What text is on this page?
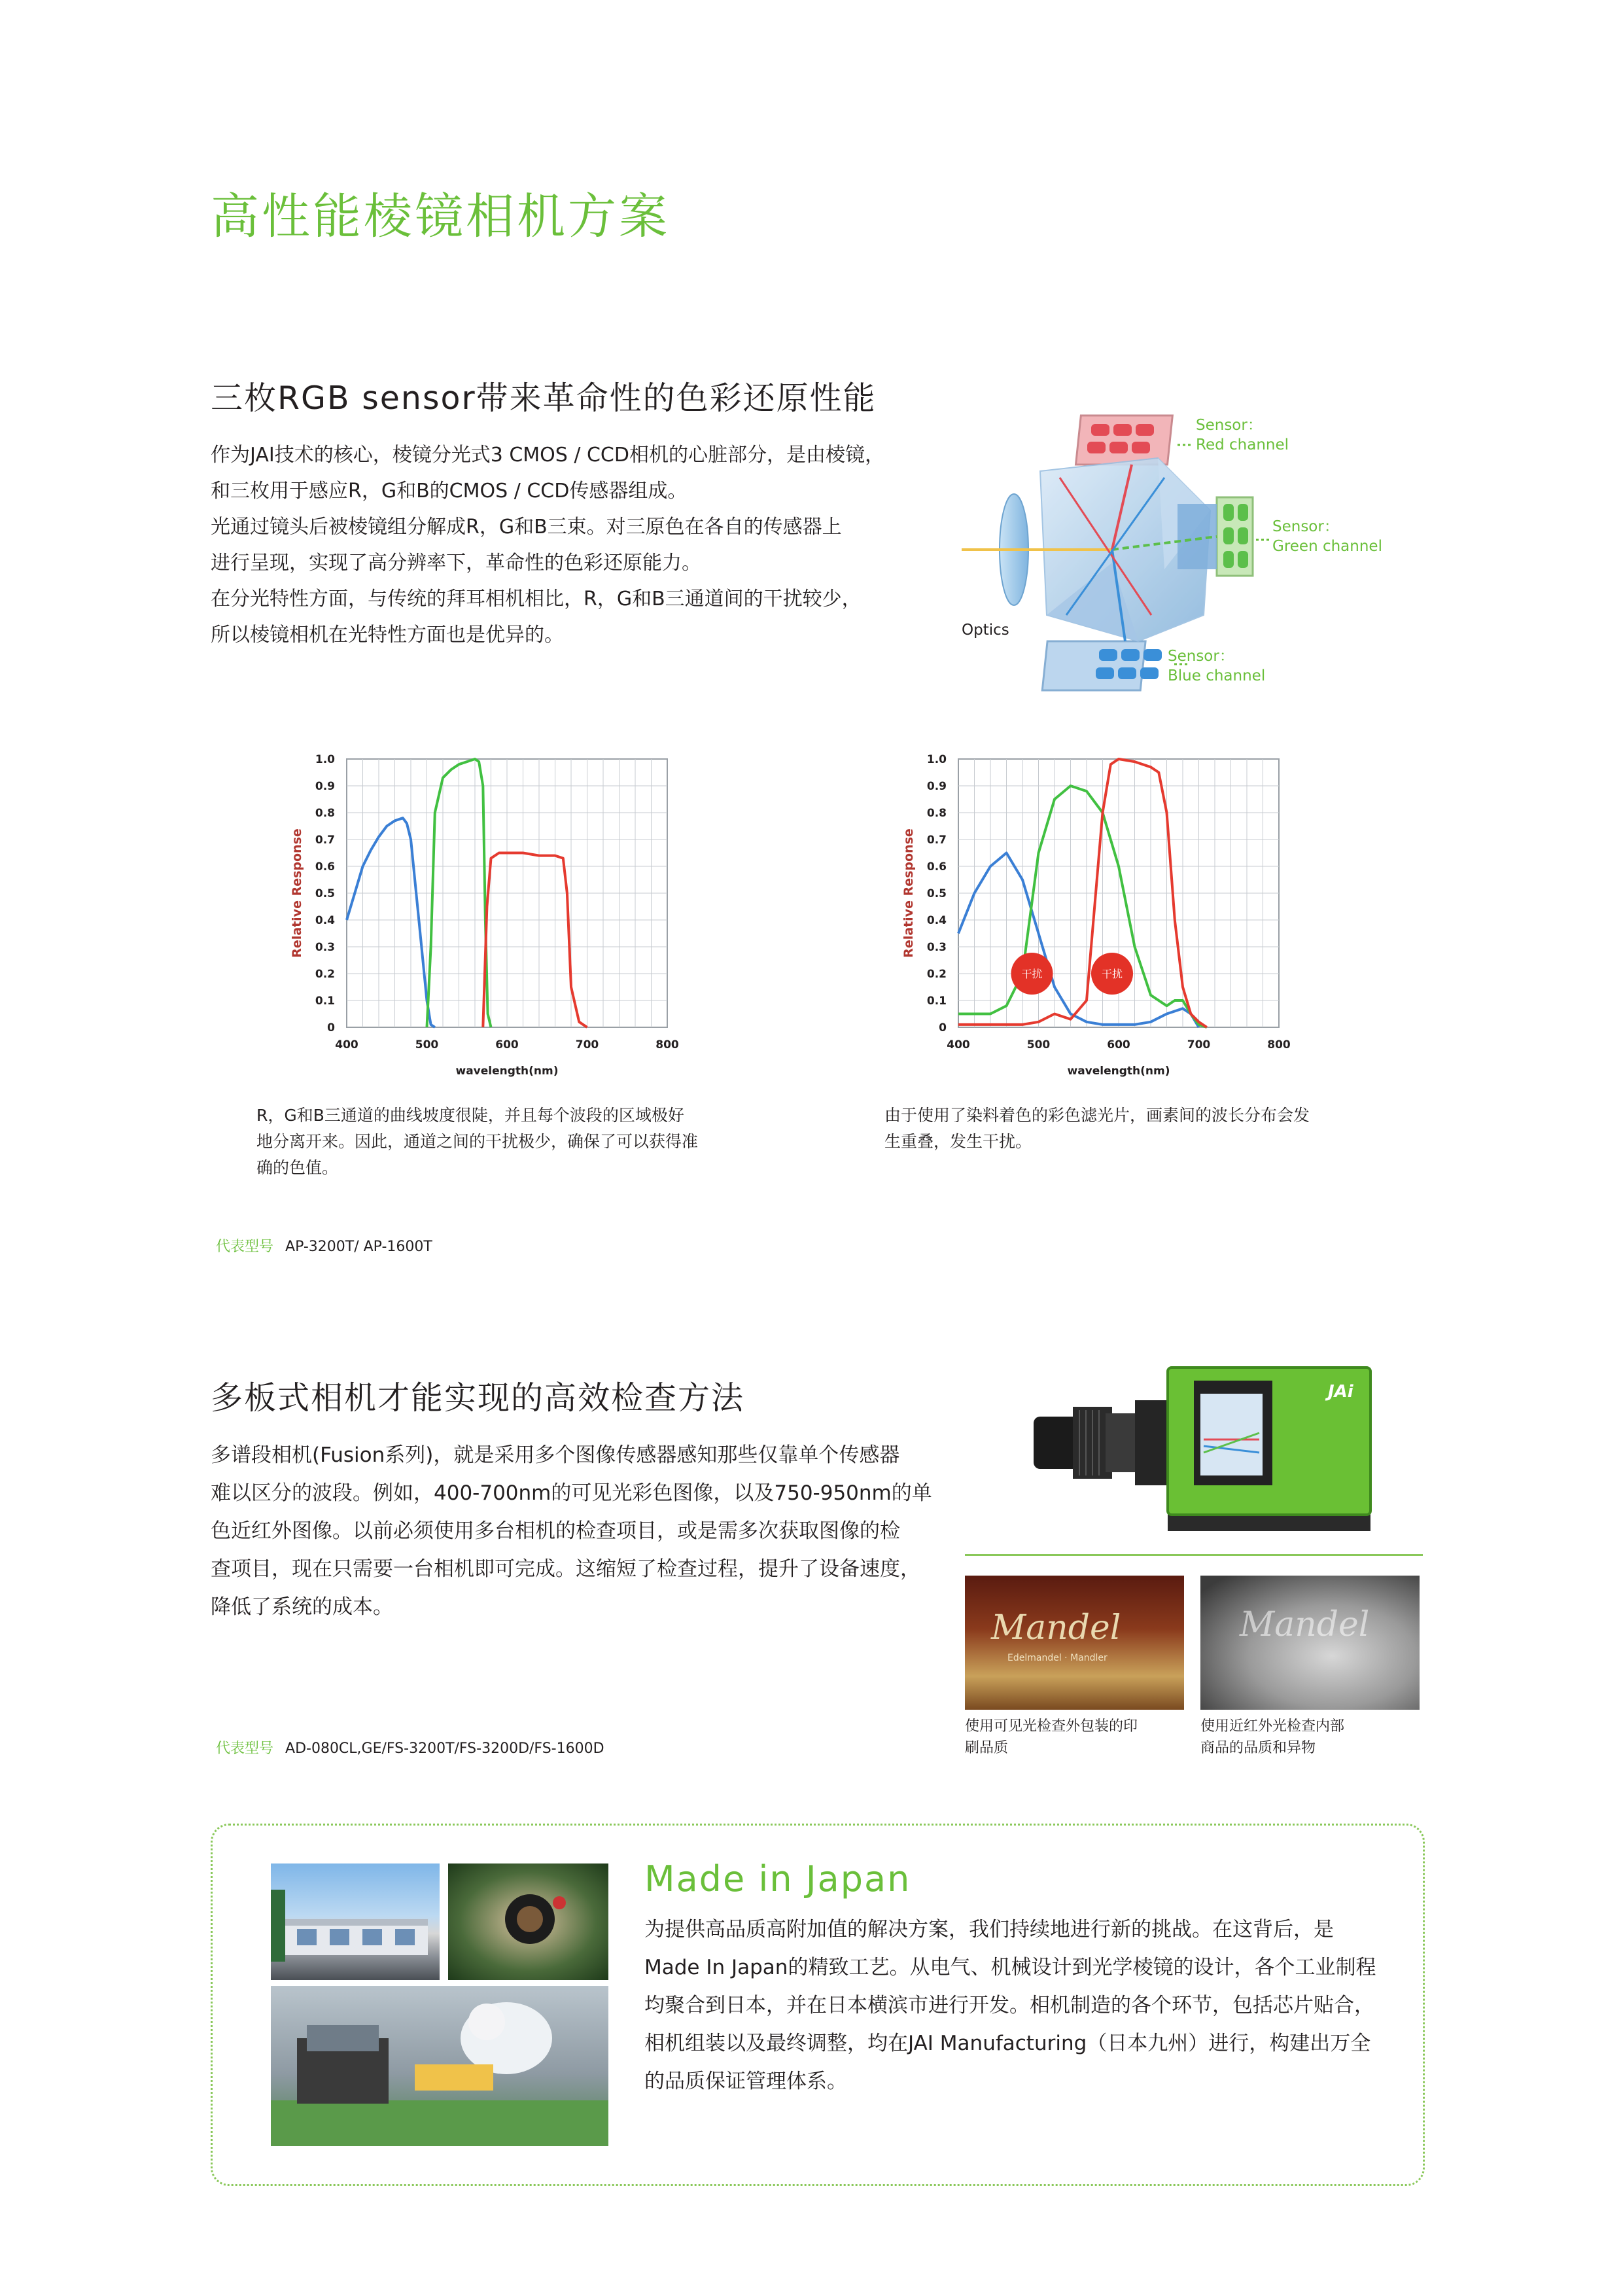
高性能棱镜相机方案
三枚RGB sensor带来革命性的色彩还原性能
作为JAI技术的核心，棱镜分光式3 CMOS / CCD相机的心脏部分，是由棱镜，
和三枚用于感应R，G和B的CMOS / CCD传感器组成。
光通过镜头后被棱镜组分解成R，G和B三束。对三原色在各自的传感器上
进行呈现，实现了高分辨率下，革命性的色彩还原能力。
在分光特性方面，与传统的拜耳相机相比，R，G和B三通道间的干扰较少，
所以棱镜相机在光特性方面也是优异的。
Sensor：
Red channel
Sensor：
Green channel
Sensor：
Blue channel
Optics
0
0.1
0.2
0.3
0.4
0.5
0.6
0.7
0.8
0.9
1.0
400	500	600	700	800
wavelength(nm)
Relative Response
0
0.1
0.2
0.3
0.4
0.5
0.6
0.7
0.8
0.9
1.0
400	500	600	700	800
wavelength(nm)
Relative Response
干扰	干扰
R，G和B三通道的曲线坡度很陡，并且每个波段的区域极好
地分离开来。因此，通道之间的干扰极少，确保了可以获得准
确的色值。
由于使用了染料着色的彩色滤光片，画素间的波长分布会发
生重叠，发生干扰。
代表型号 AP-3200T/ AP-1600T
多板式相机才能实现的高效检查方法
多谱段相机(Fusion系列)，就是采用多个图像传感器感知那些仅靠单个传感器
难以区分的波段。例如，400-700nm的可见光彩色图像，以及750-950nm的单
色近红外图像。以前必须使用多台相机的检查项目，或是需多次获取图像的检
查项目，现在只需要一台相机即可完成。这缩短了检查过程，提升了设备速度，
降低了系统的成本。
代表型号 AD-080CL,GE/FS-3200T/FS-3200D/FS-1600D
JAi
Mandel
Edelmandel · Mandler
Mandel
使用可见光检查外包装的印
刷品质
使用近红外光检查内部
商品的品质和异物
Made in Japan
为提供高品质高附加值的解决方案，我们持续地进行新的挑战。在这背后，是
Made In Japan的精致工艺。从电气、机械设计到光学棱镜的设计，各个工业制程
均聚合到日本，并在日本横滨市进行开发。相机制造的各个环节，包括芯片贴合，
相机组装以及最终调整，均在JAI Manufacturing（日本九州）进行，构建出万全
的品质保证管理体系。
